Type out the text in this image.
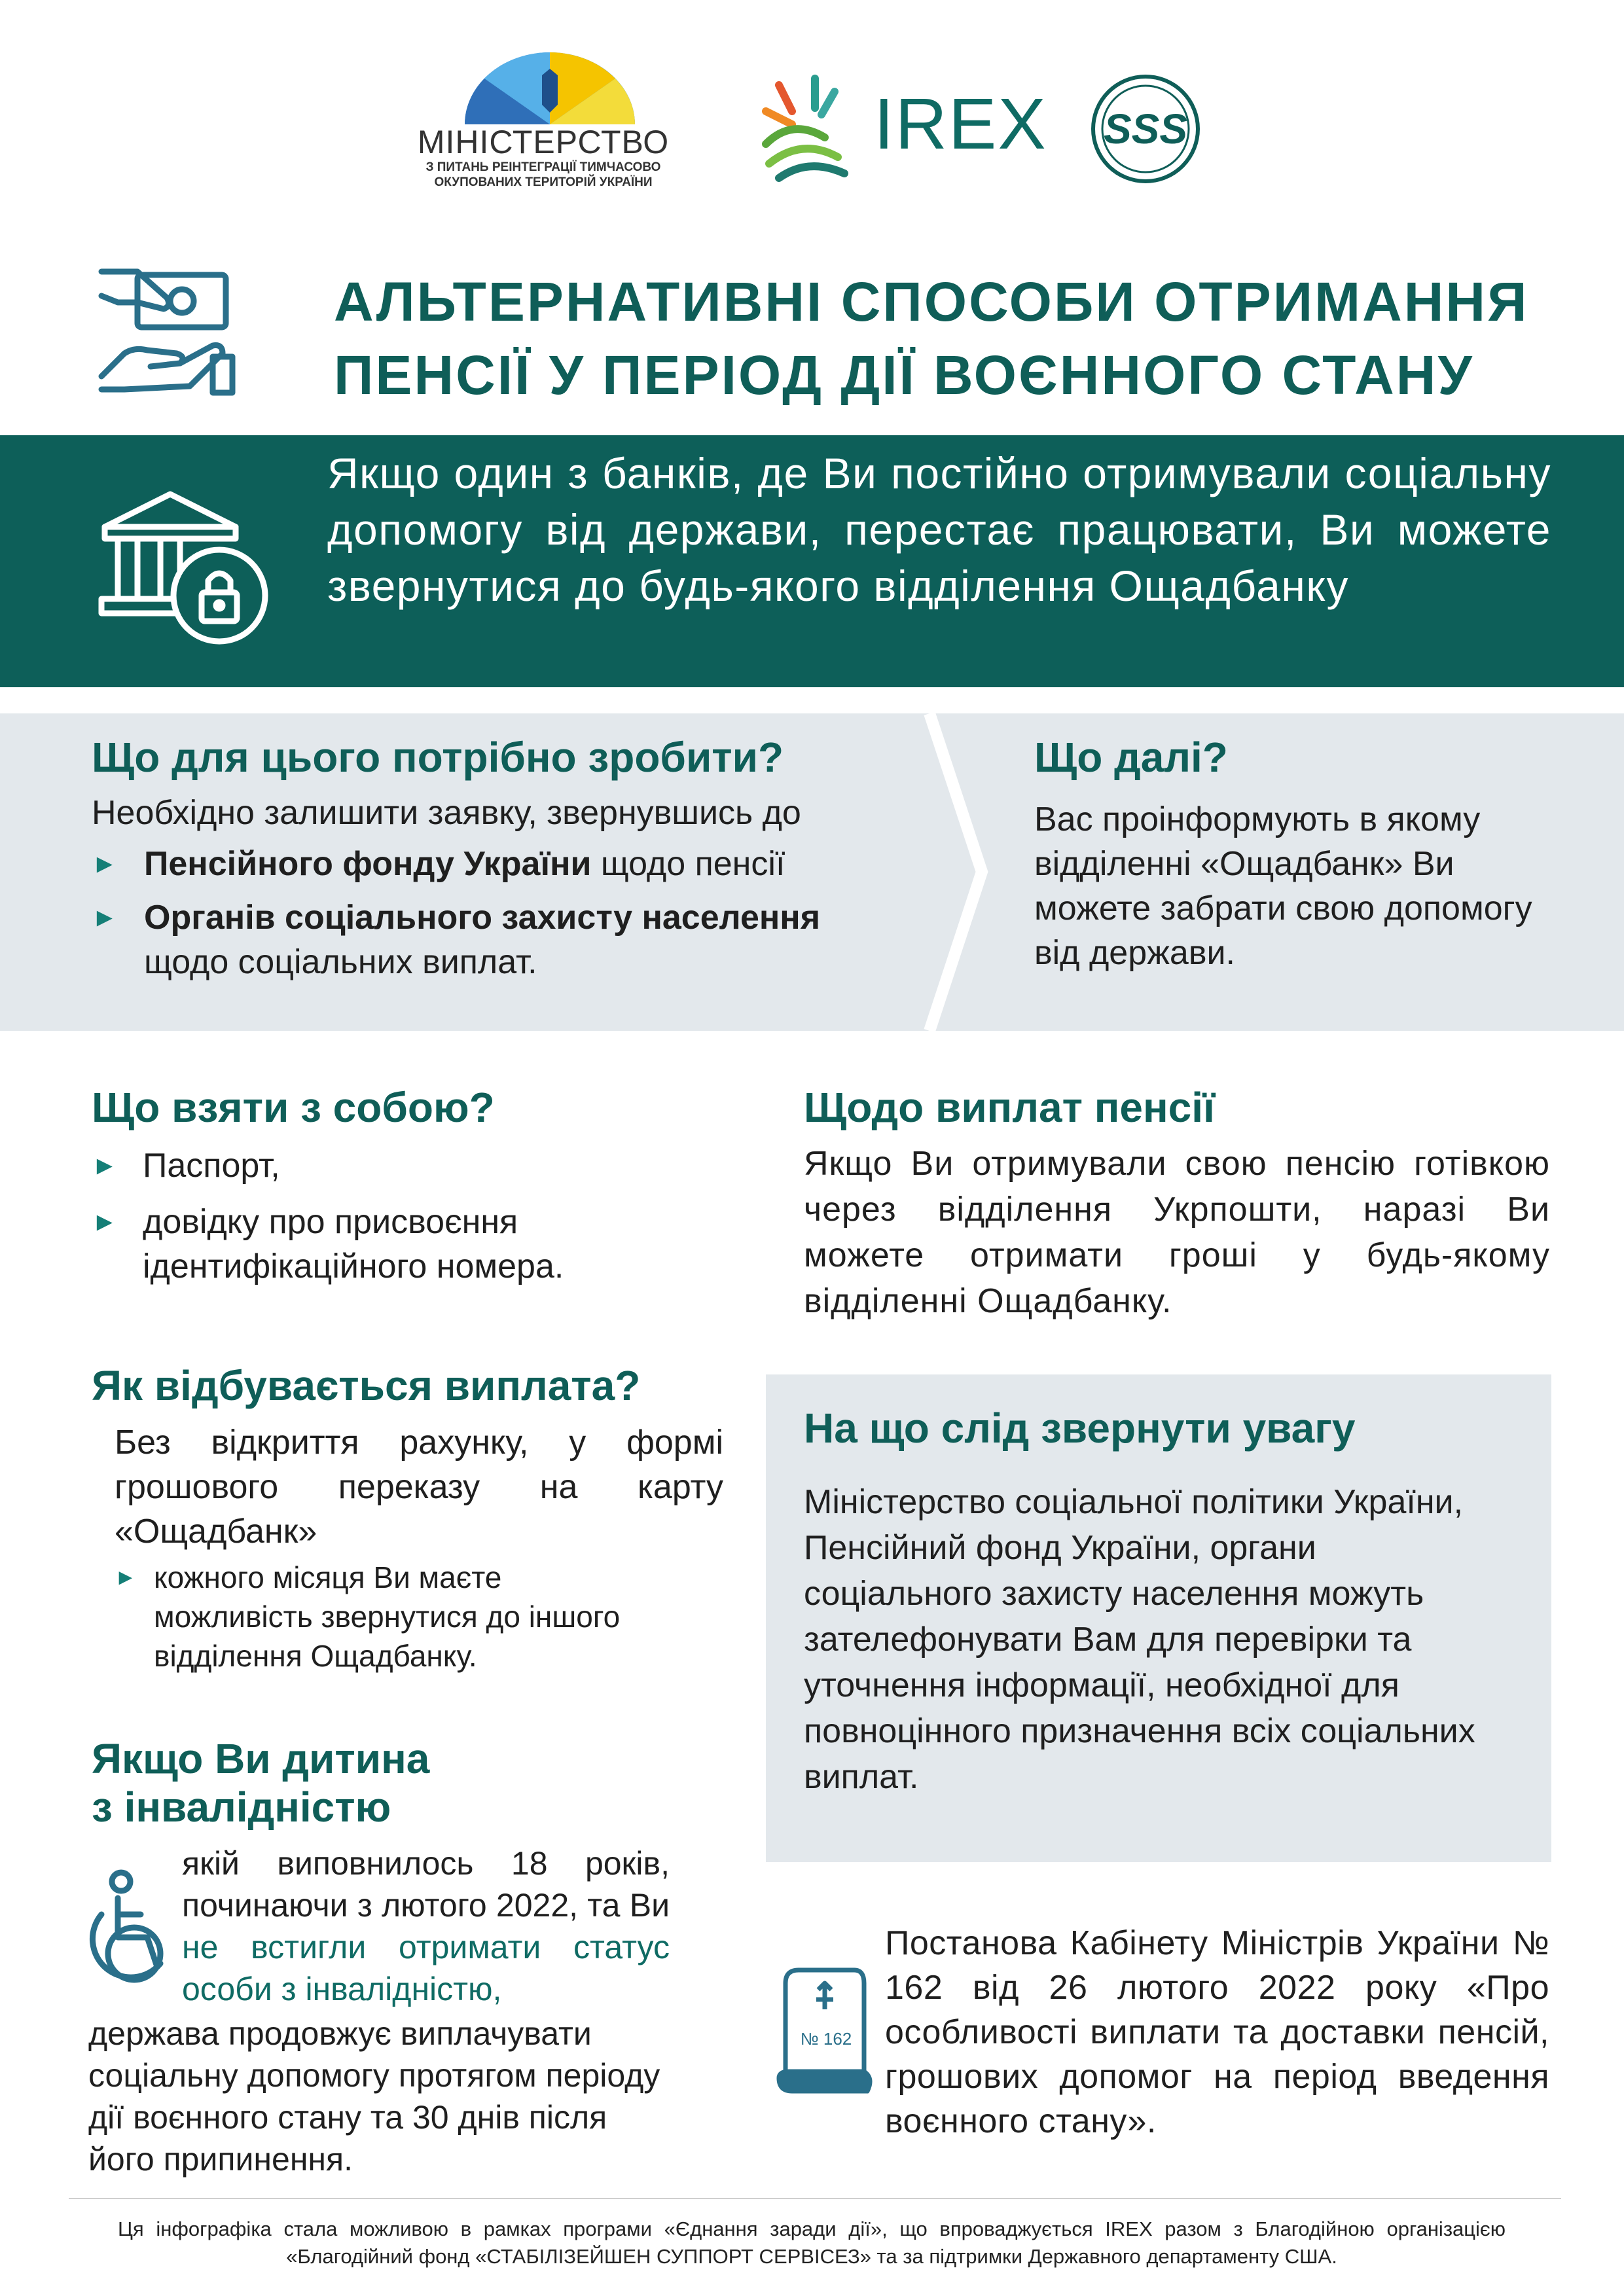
МІНІСТЕРСТВО
З ПИТАНЬ РЕІНТЕГРАЦІЇ ТИМЧАСОВО
ОКУПОВАНИХ ТЕРИТОРІЙ УКРАЇНИ
IREX	SSS
АЛЬТЕРНАТИВНІ СПОСОБИ ОТРИМАННЯ
ПЕНСІЇ У ПЕРІОД ДІЇ ВОЄННОГО СТАНУ
Якщо один з банків, де Ви постійно отримували соціальну допомогу від держави, перестає працювати, Ви можете звернутися до будь-якого відділення Ощадбанку
Що для цього потрібно зробити?
Необхідно залишити заявку, звернувшись до
► Пенсійного фонду України щодо пенсії
► Органів соціального захисту населення
щодо соціальних виплат.
Що далі?
Вас проінформують в якому відділенні «Ощадбанк» Ви можете забрати свою допомогу від держави.
Що взяти з собою?
► Паспорт,
► довідку про присвоєння ідентифікаційного номера.
Як відбувається виплата?
Без відкриття рахунку, у формі грошового переказу на карту «Ощадбанк»
► кожного місяця Ви маєте можливість звернутися до іншого відділення Ощадбанку.
Якщо Ви дитина
з інвалідністю
якій виповнилось 18 років, починаючи з лютого 2022, та Ви не встигли отримати статус особи з інвалідністю,
держава продовжує виплачувати соціальну допомогу протягом періоду дії воєнного стану та 30 днів після його припинення.
Щодо виплат пенсії
Якщо Ви отримували свою пенсію готівкою через відділення Укрпошти, наразі Ви можете отримати гроші у будь-якому відділенні Ощадбанку.
На що слід звернути увагу
Міністерство соціальної політики України, Пенсійний фонд України, органи соціального захисту населення можуть зателефонувати Вам для перевірки та уточнення інформації, необхідної для повноцінного призначення всіх соціальних виплат.
№ 162
Постанова Кабінету Міністрів України № 162 від 26 лютого 2022 року «Про особливості виплати та доставки пенсій, грошових допомог на період введення воєнного стану».
Ця інфографіка стала можливою в рамках програми «Єднання заради дії», що впроваджується IREX разом з Благодійною організацією «Благодійний фонд «СТАБІЛІЗЕЙШЕН СУППОРТ СЕРВІСЕЗ» та за підтримки Державного департаменту США.
